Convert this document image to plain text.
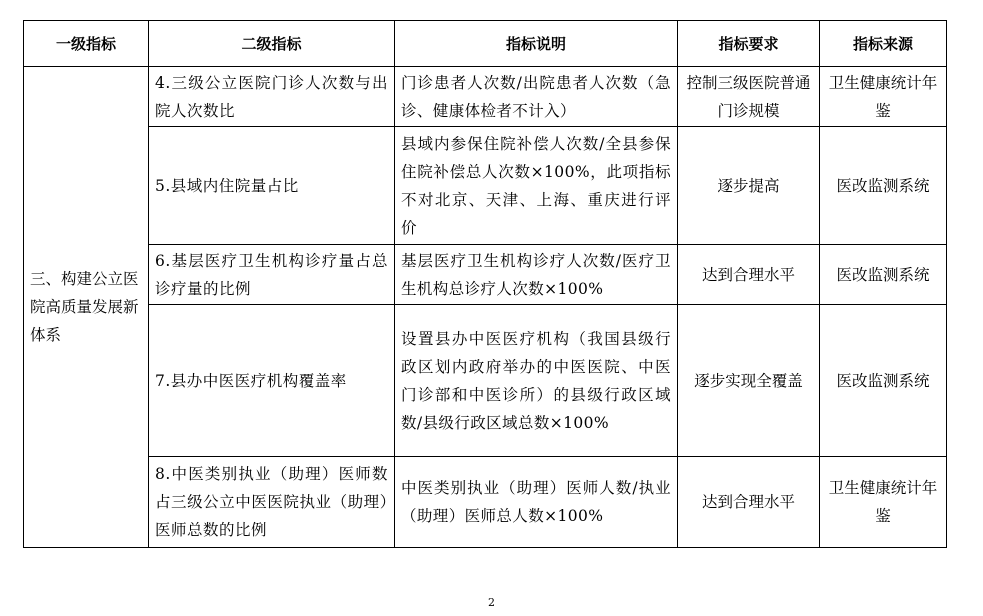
一级指标	二级指标	指标说明	指标要求	指标来源
三、构建公立医院高质量发展新体系	4.三级公立医院门诊人次数与出院人次数比	门诊患者人次数/出院患者人次数（急诊、健康体检者不计入）	控制三级医院普通门诊规模	卫生健康统计年鉴
	5.县域内住院量占比	县域内参保住院补偿人次数/全县参保住院补偿总人次数×100%，此项指标不对北京、天津、上海、重庆进行评价	逐步提高	医改监测系统
	6.基层医疗卫生机构诊疗量占总诊疗量的比例	基层医疗卫生机构诊疗人次数/医疗卫生机构总诊疗人次数×100%	达到合理水平	医改监测系统
	7.县办中医医疗机构覆盖率	设置县办中医医疗机构（我国县级行政区划内政府举办的中医医院、中医门诊部和中医诊所）的县级行政区域数/县级行政区域总数×100%	逐步实现全覆盖	医改监测系统
	8.中医类别执业（助理）医师数占三级公立中医医院执业（助理）医师总数的比例	中医类别执业（助理）医师人数/执业（助理）医师总人数×100%	达到合理水平	卫生健康统计年鉴
2
